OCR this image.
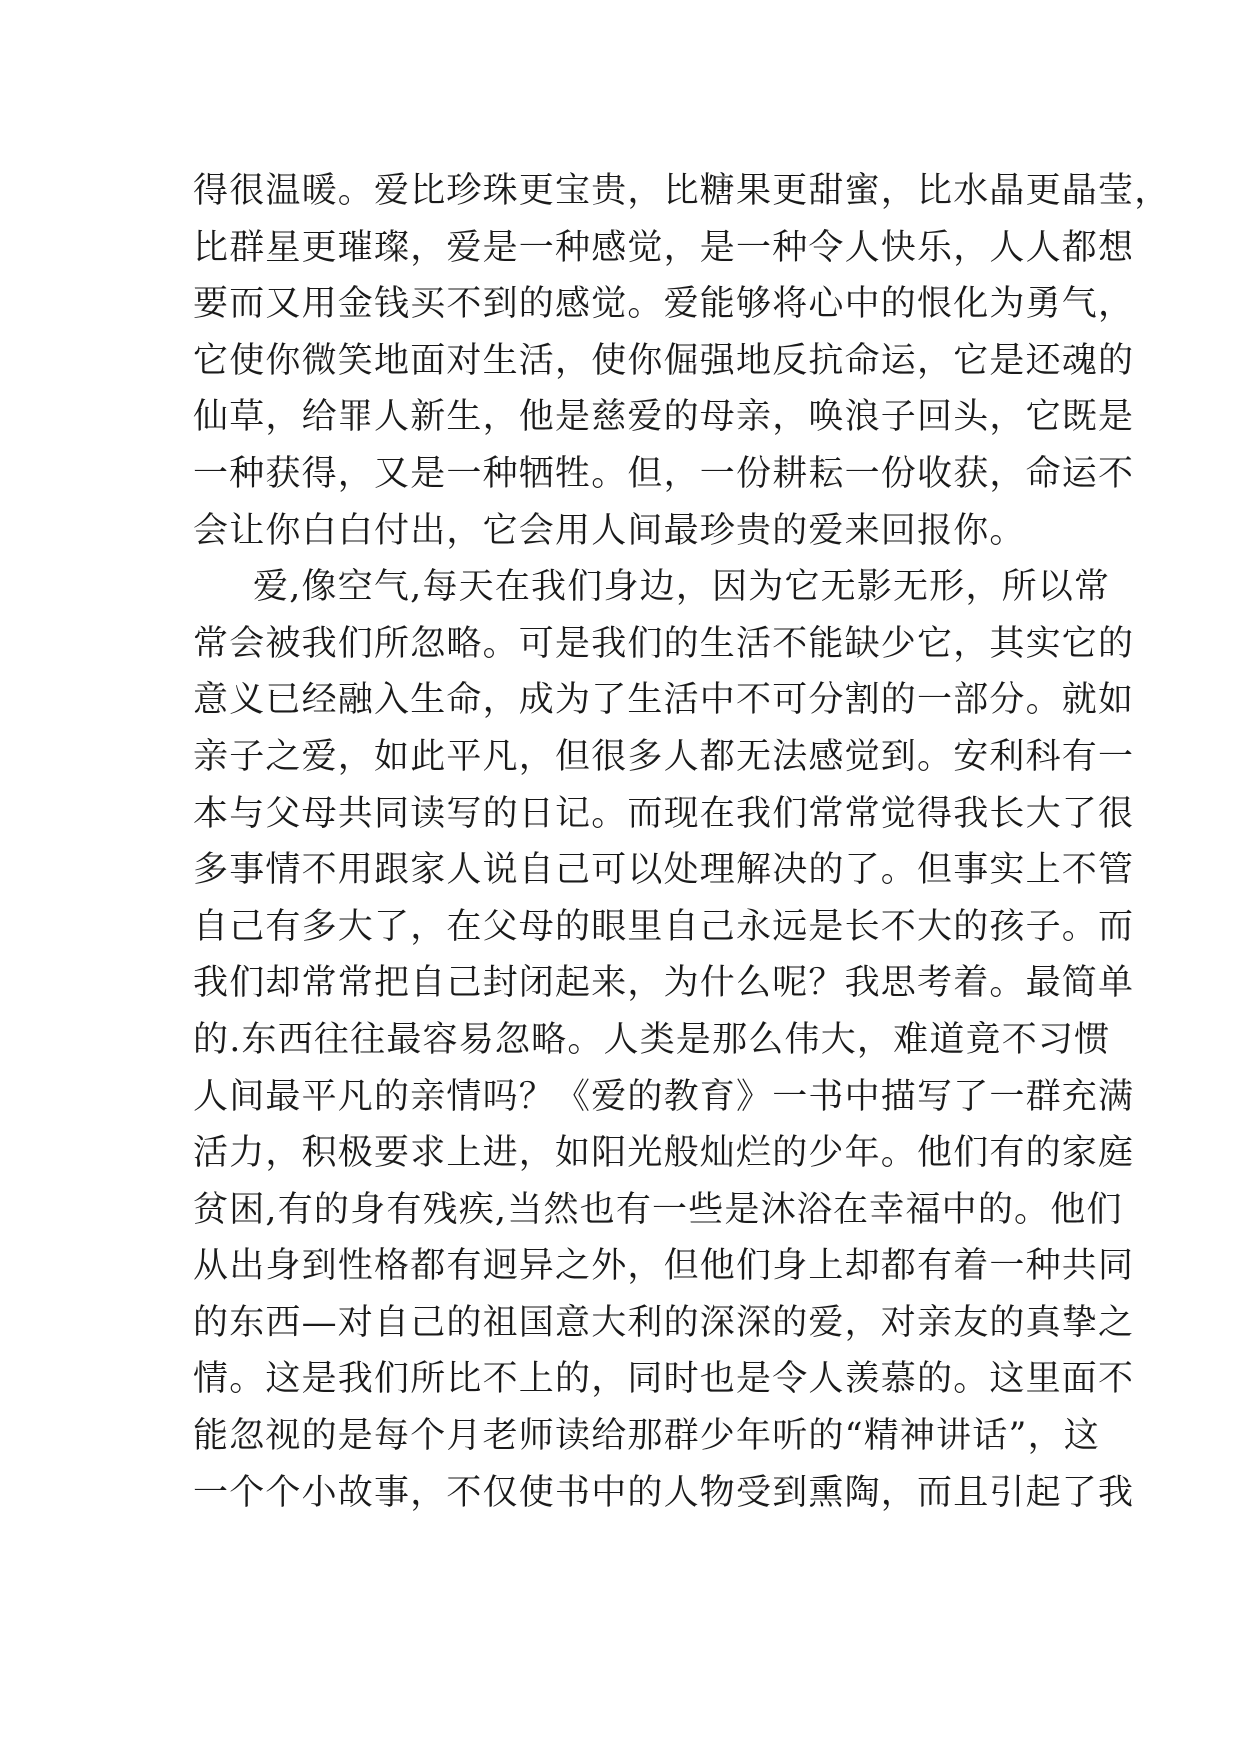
得很温暖。爱比珍珠更宝贵，比糖果更甜蜜，比水晶更晶莹，
比群星更璀璨，爱是一种感觉，是一种令人快乐，人人都想
要而又用金钱买不到的感觉。爱能够将心中的恨化为勇气，
它使你微笑地面对生活，使你倔强地反抗命运，它是还魂的
仙草，给罪人新生，他是慈爱的母亲，唤浪子回头，它既是
一种获得，又是一种牺牲。但，一份耕耘一份收获，命运不
会让你白白付出，它会用人间最珍贵的爱来回报你。
爱,像空气,每天在我们身边，因为它无影无形，所以常
常会被我们所忽略。可是我们的生活不能缺少它，其实它的
意义已经融入生命，成为了生活中不可分割的一部分。就如
亲子之爱，如此平凡，但很多人都无法感觉到。安利科有一
本与父母共同读写的日记。而现在我们常常觉得我长大了很
多事情不用跟家人说自己可以处理解决的了。但事实上不管
自己有多大了，在父母的眼里自己永远是长不大的孩子。而
我们却常常把自己封闭起来，为什么呢？我思考着。最简单
的.东西往往最容易忽略。人类是那么伟大，难道竟不习惯
人间最平凡的亲情吗？《爱的教育》一书中描写了一群充满
活力，积极要求上进，如阳光般灿烂的少年。他们有的家庭
贫困,有的身有残疾,当然也有一些是沐浴在幸福中的。他们
从出身到性格都有迥异之外，但他们身上却都有着一种共同
的东西—对自己的祖国意大利的深深的爱，对亲友的真挚之
情。这是我们所比不上的，同时也是令人羡慕的。这里面不
能忽视的是每个月老师读给那群少年听的“精神讲话”，这
一个个小故事，不仅使书中的人物受到熏陶，而且引起了我
